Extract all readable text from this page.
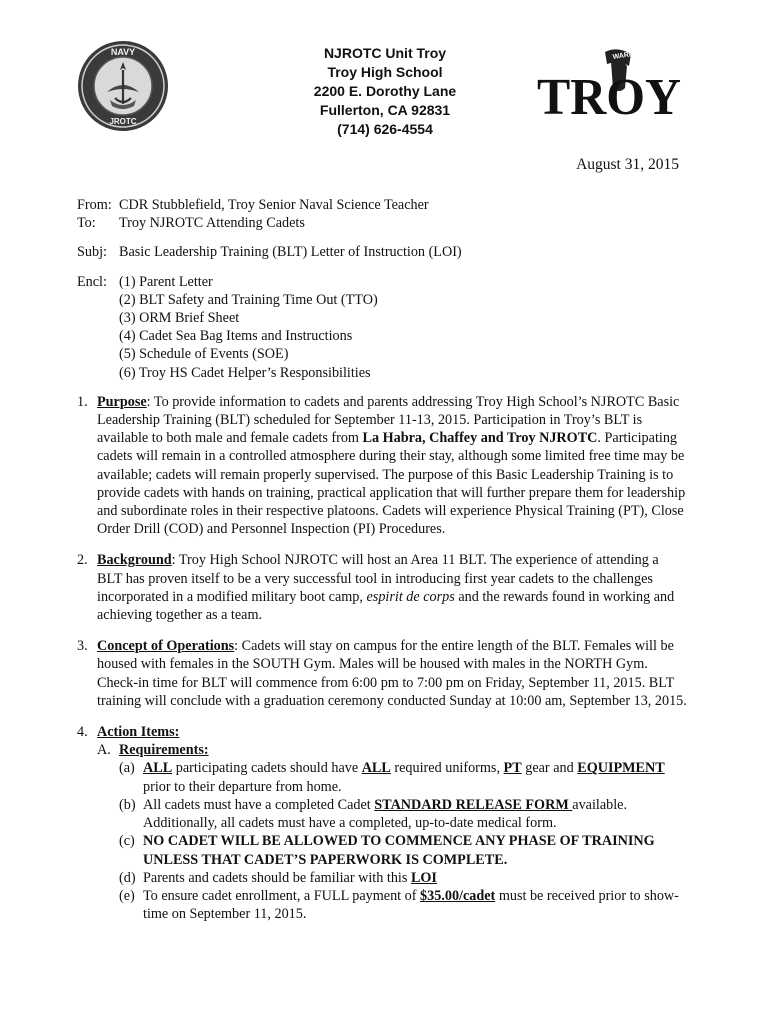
NAVY
JROTC
NJROTC Unit Troy
Troy High School
2200 E. Dorothy Lane
Fullerton, CA 92831
(714) 626-4554
WARRIORS
TROY
August 31, 2015
From: CDR Stubblefield, Troy Senior Naval Science Teacher
To:	Troy NJROTC Attending Cadets
Subj: Basic Leadership Training (BLT) Letter of Instruction (LOI)
Encl: (1) Parent Letter
(2) BLT Safety and Training Time Out (TTO)
(3) ORM Brief Sheet
(4) Cadet Sea Bag Items and Instructions
(5) Schedule of Events (SOE)
(6) Troy HS Cadet Helper’s Responsibilities
1. Purpose: To provide information to cadets and parents addressing Troy High School’s NJROTC Basic Leadership Training (BLT) scheduled for September 11-13, 2015. Participation in Troy’s BLT is available to both male and female cadets from La Habra, Chaffey and Troy NJROTC. Participating cadets will remain in a controlled atmosphere during their stay, although some limited free time may be available; cadets will remain properly supervised. The purpose of this Basic Leadership Training is to provide cadets with hands on training, practical application that will further prepare them for leadership and subordinate roles in their respective platoons. Cadets will experience Physical Training (PT), Close Order Drill (COD) and Personnel Inspection (PI) Procedures.
2. Background: Troy High School NJROTC will host an Area 11 BLT. The experience of attending a BLT has proven itself to be a very successful tool in introducing first year cadets to the challenges incorporated in a modified military boot camp, espirit de corps and the rewards found in working and achieving together as a team.
3. Concept of Operations: Cadets will stay on campus for the entire length of the BLT. Females will be housed with females in the SOUTH Gym. Males will be housed with males in the NORTH Gym. Check-in time for BLT will commence from 6:00 pm to 7:00 pm on Friday, September 11, 2015. BLT training will conclude with a graduation ceremony conducted Sunday at 10:00 am, September 13, 2015.
4. Action Items:
A. Requirements:
(a) ALL participating cadets should have ALL required uniforms, PT gear and EQUIPMENT prior to their departure from home.
(b) All cadets must have a completed Cadet STANDARD RELEASE FORM available. Additionally, all cadets must have a completed, up-to-date medical form.
(c) NO CADET WILL BE ALLOWED TO COMMENCE ANY PHASE OF TRAINING UNLESS THAT CADET’S PAPERWORK IS COMPLETE.
(d) Parents and cadets should be familiar with this LOI
(e) To ensure cadet enrollment, a FULL payment of $35.00/cadet must be received prior to show-time on September 11, 2015.
